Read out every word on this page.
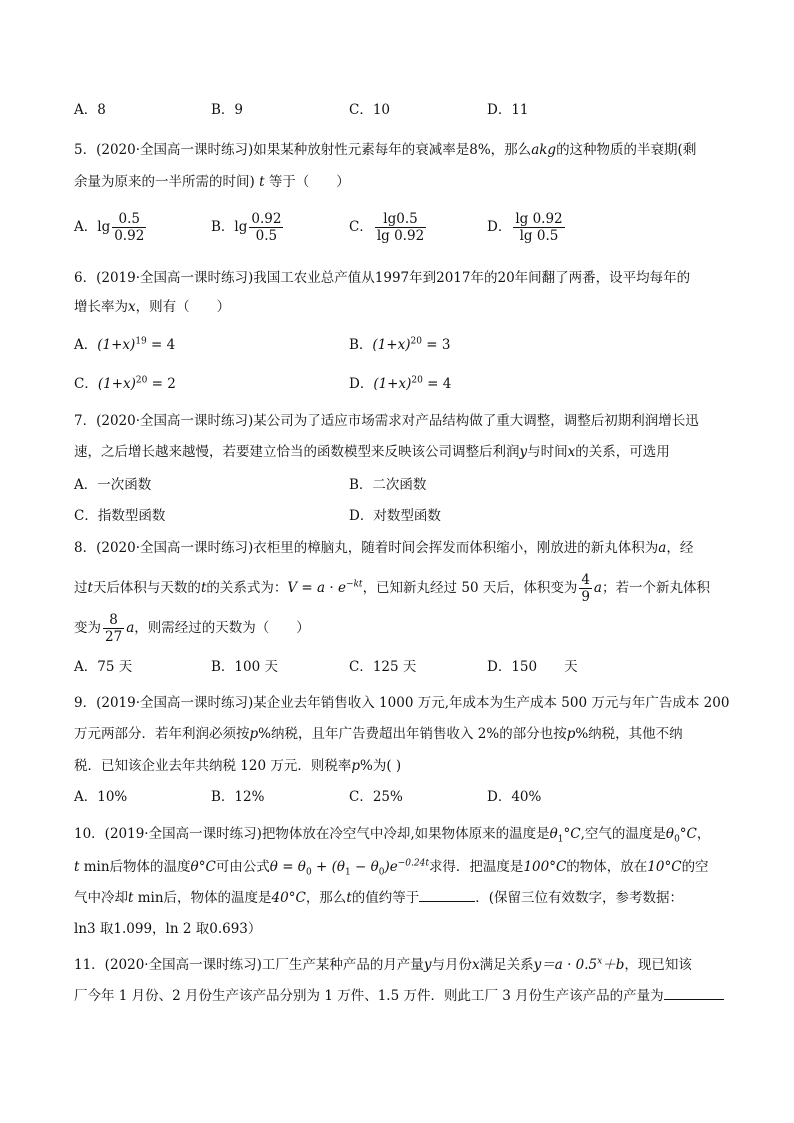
A．8	B．9	C．10	D．11
5．(2020·全国高一课时练习)如果某种放射性元素每年的衰减率是8%，那么akg的这种物质的半衰期(剩
余量为原来的一半所需的时间) t 等于（　　）
A．$\lg \frac{0.5}{0.92}$	B．$\lg \frac{0.92}{0.5}$	C． $\frac{\lg 0.5}{\lg 0.92}$	D． $\frac{\lg 0.92}{\lg 0.5}$
6．(2019·全国高一课时练习)我国工农业总产值从1997年到2017年的20年间翻了两番，设平均每年的
增长率为x，则有（　　）
A．$(1+x)^{19} = 4$	B．$(1+x)^{20} = 3$
C．$(1+x)^{20} = 2$	D．$(1+x)^{20} = 4$
7．(2020·全国高一课时练习)某公司为了适应市场需求对产品结构做了重大调整，调整后初期利润增长迅
速，之后增长越来越慢，若要建立恰当的函数模型来反映该公司调整后利润y与时间x的关系，可选用
A．一次函数	B．二次函数
C．指数型函数	D．对数型函数
8．(2020·全国高一课时练习)衣柜里的樟脑丸，随着时间会挥发而体积缩小，刚放进的新丸体积为a，经
过t天后体积与天数的t的关系式为：$V = a \cdot e^{-kt}$，已知新丸经过 50 天后，体积变为 $\frac{4}{9}$ a；若一个新丸体积
变为 $\frac{8}{27}$ a，则需经过的天数为（　　）
A．75 天	B．100 天	C．125 天	D．150　　天
9．(2019·全国高一课时练习)某企业去年销售收入 1000 万元,年成本为生产成本 500 万元与年广告成本 200
万元两部分．若年利润必须按p%纳税，且年广告费超出年销售收入 2%的部分也按p%纳税，其他不纳
税．已知该企业去年共纳税 120 万元．则税率p%为( )
A．10%	B．12%	C．25%	D．40%
10．(2019·全国高一课时练习)把物体放在冷空气中冷却,如果物体原来的温度是$\theta_1^\circ C$,空气的温度是$\theta_0^\circ C$，
t min后物体的温度θ°C可由公式$\theta = \theta_0 + (\theta_1 - \theta_0)e^{-0.24t}$求得．把温度是100°C的物体，放在10°C的空
气中冷却t min后，物体的温度是40°C，那么t的值约等于	．(保留三位有效数字，参考数据：
ln3 取1.099，ln 2 取0.693）
11．(2020·全国高一课时练习)工厂生产某种产品的月产量y与月份x满足关系$y=a \cdot 0.5^x+b$，现已知该
厂今年 1 月份、2 月份生产该产品分别为 1 万件、1.5 万件．则此工厂 3 月份生产该产品的产量为
